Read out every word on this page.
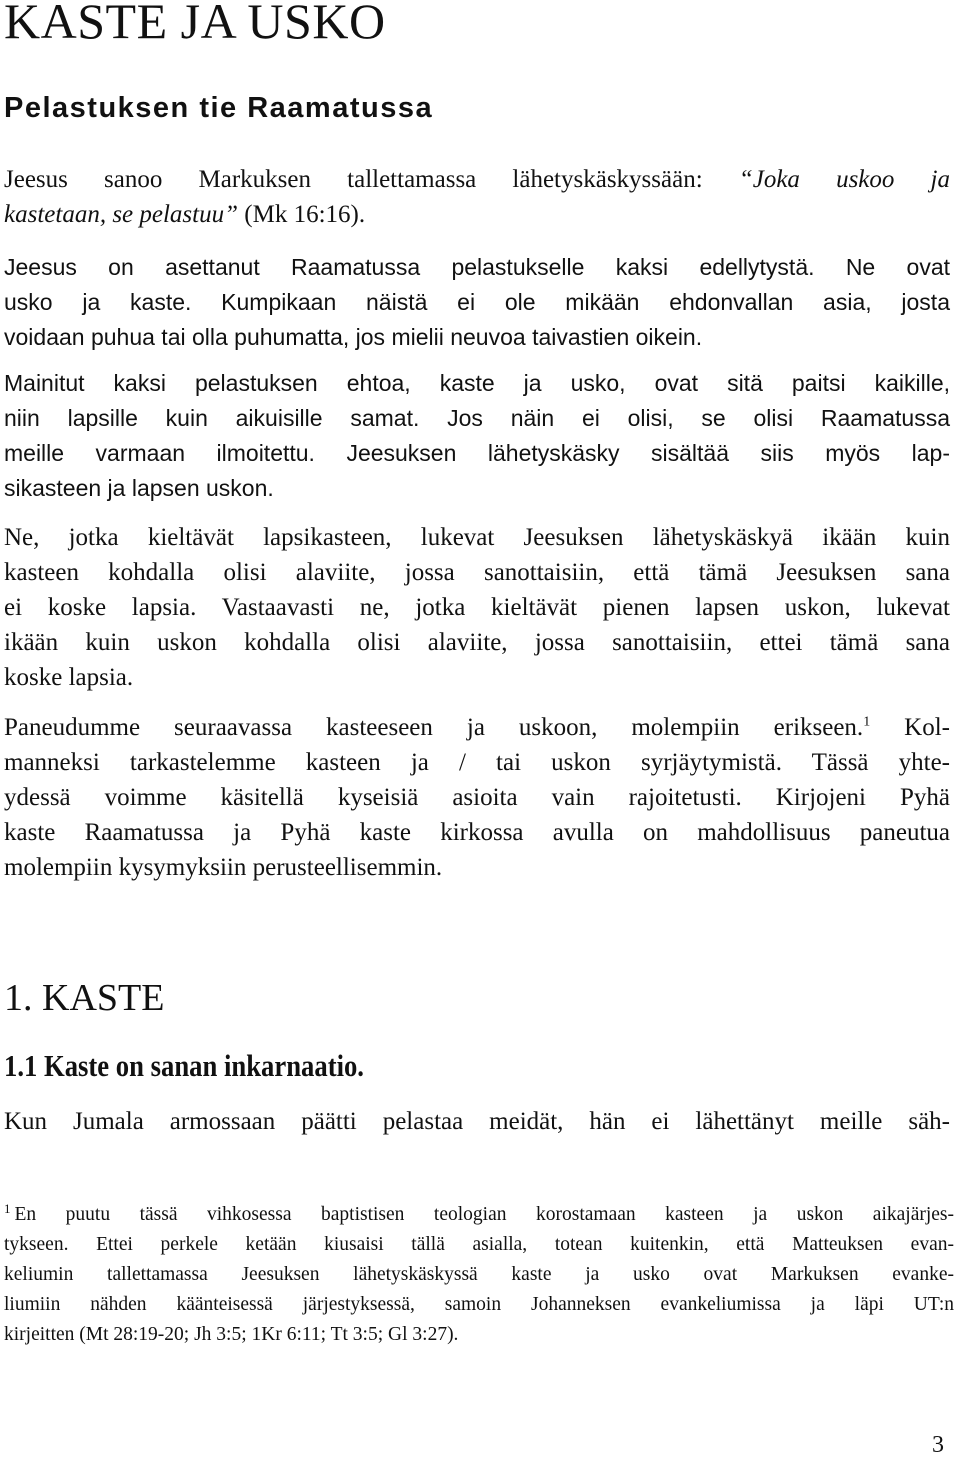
KASTE JA USKO
Pelastuksen tie Raamatussa

Jeesus sanoo Markuksen tallettamassa lähetyskäskyssään: “Joka uskoo ja
kastetaan, se pelastuu” (Mk 16:16).

Jeesus on asettanut Raamatussa pelastukselle kaksi edellytystä. Ne ovat
usko ja kaste. Kumpikaan näistä ei ole mikään ehdonvallan asia, josta
voidaan puhua tai olla puhumatta, jos mielii neuvoa taivastien oikein.

Mainitut kaksi pelastuksen ehtoa, kaste ja usko, ovat sitä paitsi kaikille,
niin lapsille kuin aikuisille samat. Jos näin ei olisi, se olisi Raamatussa
meille varmaan ilmoitettu. Jeesuksen lähetyskäsky sisältää siis myös lap-
sikasteen ja lapsen uskon.

Ne, jotka kieltävät lapsikasteen, lukevat Jeesuksen lähetyskäskyä ikään kuin
kasteen kohdalla olisi alaviite, jossa sanottaisiin, että tämä Jeesuksen sana
ei koske lapsia. Vastaavasti ne, jotka kieltävät pienen lapsen uskon, lukevat
ikään kuin uskon kohdalla olisi alaviite, jossa sanottaisiin, ettei tämä sana
koske lapsia.

Paneudumme seuraavassa kasteeseen ja uskoon, molempiin erikseen.$^1$ Kol-
manneksi tarkastelemme kasteen ja / tai uskon syrjäytymistä. Tässä yhte-
ydessä voimme käsitellä kyseisiä asioita vain rajoitetusti. Kirjojeni Pyhä
kaste Raamatussa ja Pyhä kaste kirkossa avulla on mahdollisuus paneutua
molempiin kysymyksiin perusteellisemmin.

1. KASTE
1.1 Kaste on sanan inkarnaatio.

Kun Jumala armossaan päätti pelastaa meidät, hän ei lähettänyt meille säh-

$^1$ En puutu tässä vihkosessa baptistisen teologian korostamaan kasteen ja uskon aikajärjes-
tykseen. Ettei perkele ketään kiusaisi tällä asialla, totean kuitenkin, että Matteuksen evan-
keliumin tallettamassa Jeesuksen lähetyskäskyssä kaste ja usko ovat Markuksen evanke-
liumiin nähden käänteisessä järjestyksessä, samoin Johanneksen evankeliumissa ja läpi UT:n
kirjeitten (Mt 28:19-20; Jh 3:5; 1Kr 6:11; Tt 3:5; Gl 3:27).

3
